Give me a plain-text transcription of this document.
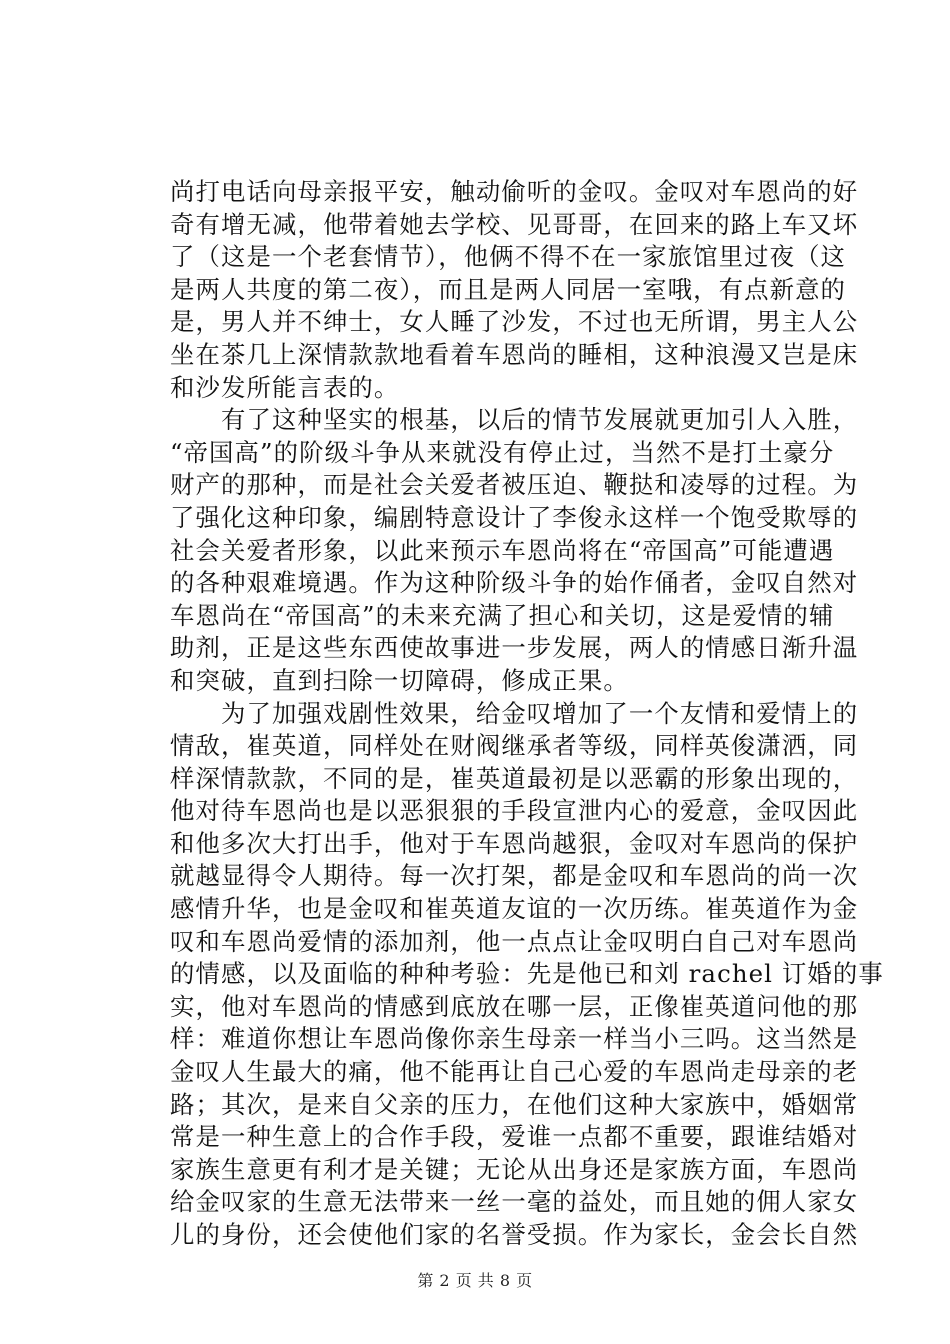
尚打电话向母亲报平安，触动偷听的金叹。金叹对车恩尚的好
奇有增无减，他带着她去学校、见哥哥，在回来的路上车又坏
了（这是一个老套情节），他俩不得不在一家旅馆里过夜（这
是两人共度的第二夜），而且是两人同居一室哦，有点新意的
是，男人并不绅士，女人睡了沙发，不过也无所谓，男主人公
坐在茶几上深情款款地看着车恩尚的睡相，这种浪漫又岂是床
和沙发所能言表的。
　　有了这种坚实的根基，以后的情节发展就更加引人入胜，
“帝国高”的阶级斗争从来就没有停止过，当然不是打土豪分
财产的那种，而是社会关爱者被压迫、鞭挞和凌辱的过程。为
了强化这种印象，编剧特意设计了李俊永这样一个饱受欺辱的
社会关爱者形象，以此来预示车恩尚将在“帝国高”可能遭遇
的各种艰难境遇。作为这种阶级斗争的始作俑者，金叹自然对
车恩尚在“帝国高”的未来充满了担心和关切，这是爱情的辅
助剂，正是这些东西使故事进一步发展，两人的情感日渐升温
和突破，直到扫除一切障碍，修成正果。
　　为了加强戏剧性效果，给金叹增加了一个友情和爱情上的
情敌，崔英道，同样处在财阀继承者等级，同样英俊潇洒，同
样深情款款，不同的是，崔英道最初是以恶霸的形象出现的，
他对待车恩尚也是以恶狠狠的手段宣泄内心的爱意，金叹因此
和他多次大打出手，他对于车恩尚越狠，金叹对车恩尚的保护
就越显得令人期待。每一次打架，都是金叹和车恩尚的尚一次
感情升华，也是金叹和崔英道友谊的一次历练。崔英道作为金
叹和车恩尚爱情的添加剂，他一点点让金叹明白自己对车恩尚
的情感，以及面临的种种考验：先是他已和刘 rachel 订婚的事
实，他对车恩尚的情感到底放在哪一层，正像崔英道问他的那
样：难道你想让车恩尚像你亲生母亲一样当小三吗。这当然是
金叹人生最大的痛，他不能再让自己心爱的车恩尚走母亲的老
路；其次，是来自父亲的压力，在他们这种大家族中，婚姻常
常是一种生意上的合作手段，爱谁一点都不重要，跟谁结婚对
家族生意更有利才是关键；无论从出身还是家族方面，车恩尚
给金叹家的生意无法带来一丝一毫的益处，而且她的佣人家女
儿的身份，还会使他们家的名誉受损。作为家长，金会长自然
第 2 页 共 8 页
